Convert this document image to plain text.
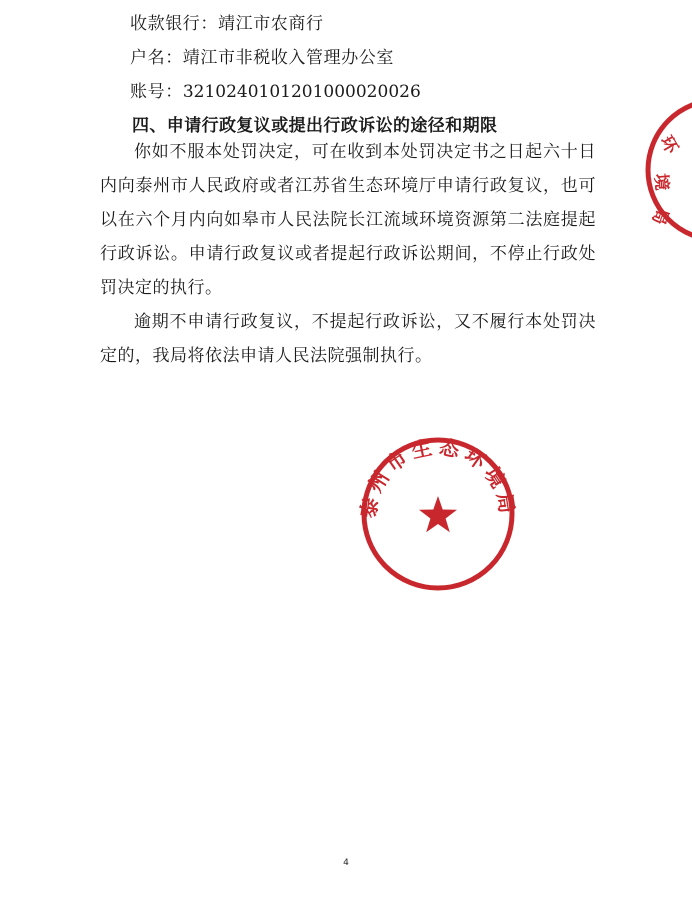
收款银行：靖江市农商行
户名：靖江市非税收入管理办公室
账号：3210240101201000020026
四、申请行政复议或提出行政诉讼的途径和期限

你如不服本处罚决定，可在收到本处罚决定书之日起六十日内向泰州市人民政府或者江苏省生态环境厅申请行政复议，也可以在六个月内向如皋市人民法院长江流域环境资源第二法庭提起行政诉讼。申请行政复议或者提起行政诉讼期间，不停止行政处罚决定的执行。

逾期不申请行政复议，不提起行政诉讼，又不履行本处罚决定的，我局将依法申请人民法院强制执行。

环
境
局
泰州市生态环境局
4
